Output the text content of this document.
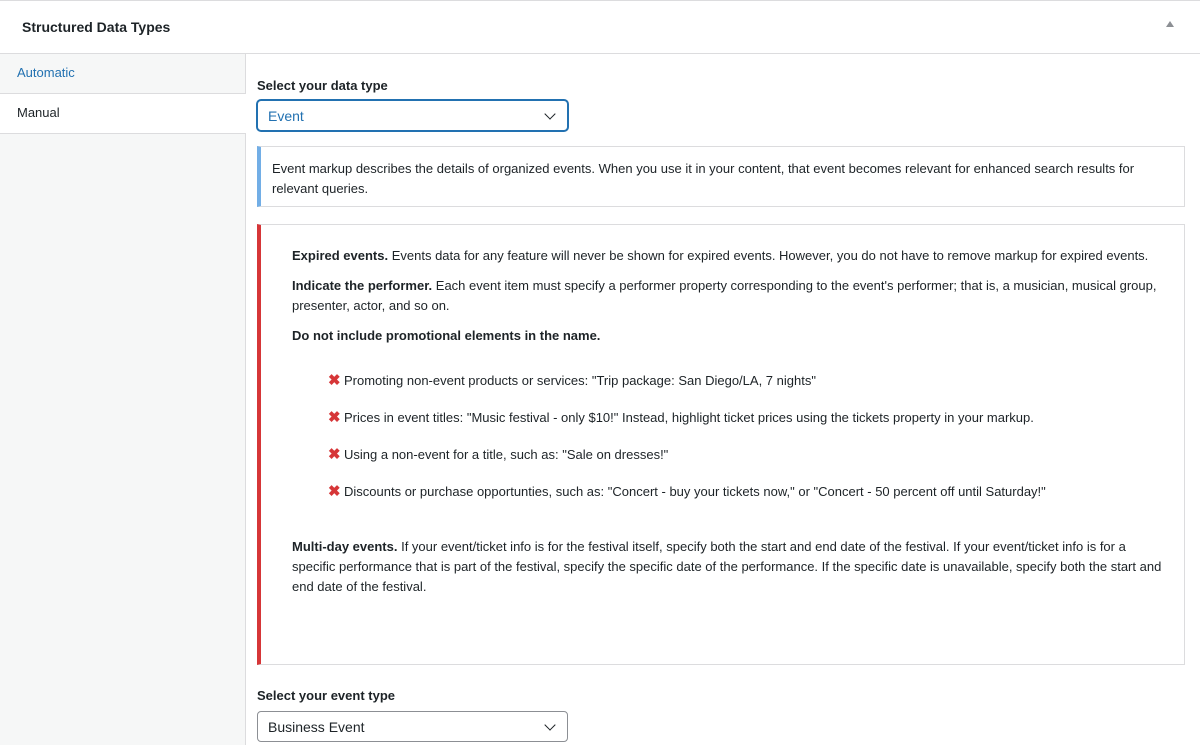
Structured Data Types
Automatic
Manual
Select your data type
Event
Event markup describes the details of organized events. When you use it in your content, that event becomes relevant for enhanced search results for relevant queries.

Expired events. Events data for any feature will never be shown for expired events. However, you do not have to remove markup for expired events.

Indicate the performer. Each event item must specify a performer property corresponding to the event's performer; that is, a musician, musical group, presenter, actor, and so on.

Do not include promotional elements in the name.

✖ Promoting non-event products or services: "Trip package: San Diego/LA, 7 nights"
✖ Prices in event titles: "Music festival - only $10!" Instead, highlight ticket prices using the tickets property in your markup.
✖ Using a non-event for a title, such as: "Sale on dresses!"
✖ Discounts or purchase opportunties, such as: "Concert - buy your tickets now," or "Concert - 50 percent off until Saturday!"

Multi-day events. If your event/ticket info is for the festival itself, specify both the start and end date of the festival. If your event/ticket info is for a specific performance that is part of the festival, specify the specific date of the performance. If the specific date is unavailable, specify both the start and end date of the festival.

Select your event type
Business Event
